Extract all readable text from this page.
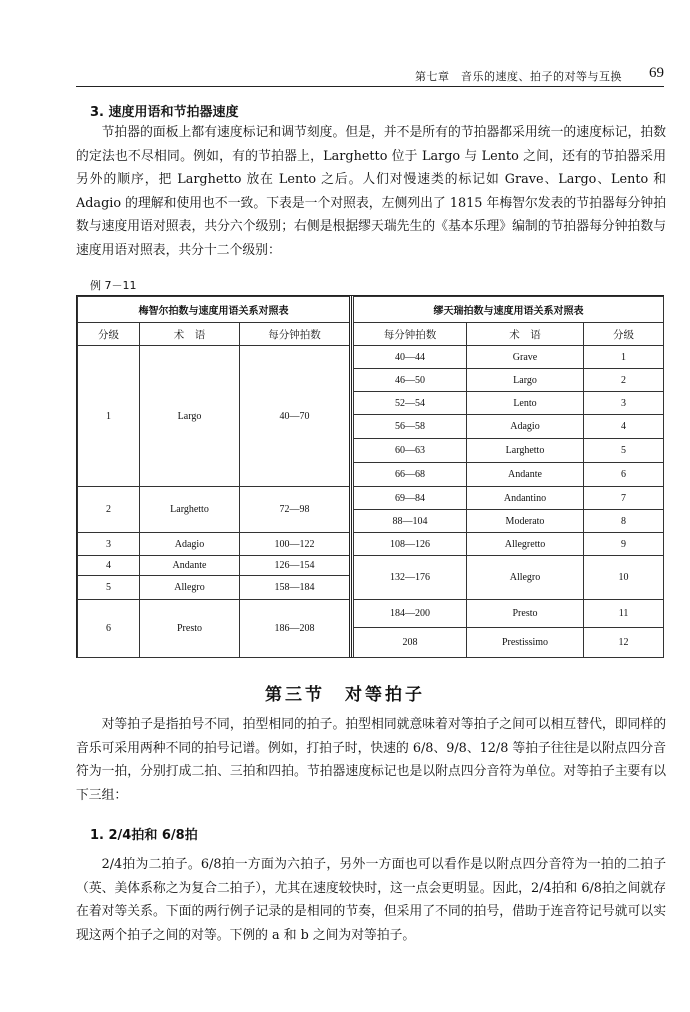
第七章　音乐的速度、拍子的对等与互换 69
3. 速度用语和节拍器速度

节拍器的面板上都有速度标记和调节刻度。但是，并不是所有的节拍器都采用统一的速度标记，拍数的定法也不尽相同。例如，有的节拍器上，Larghetto 位于 Largo 与 Lento 之间，还有的节拍器采用另外的顺序，把 Larghetto 放在 Lento 之后。人们对慢速类的标记如 Grave、Largo、Lento 和 Adagio 的理解和使用也不一致。下表是一个对照表，左侧列出了 1815 年梅智尔发表的节拍器每分钟拍数与速度用语对照表，共分六个级别；右侧是根据缪天瑞先生的《基本乐理》编制的节拍器每分钟拍数与速度用语对照表，共分十二个级别：

例 7－11
梅智尔拍数与速度用语关系对照表		
分级	术　语	每分钟拍数
1	Largo	40—70
2	Larghetto	72—98
3	Adagio	100—122
4	Andante	126—154
5	Allegro	158—184
6	Presto	186—208
缪天瑞拍数与速度用语关系对照表		
每分钟拍数	术　语	分级
40—44	Grave	1
46—50	Largo	2
52—54	Lento	3
56—58	Adagio	4
60—63	Larghetto	5
66—68	Andante	6
69—84	Andantino	7
88—104	Moderato	8
108—126	Allegretto	9
132—176	Allegro	10
184—200	Presto	11
208	Prestissimo	12
第三节　对等拍子

对等拍子是指拍号不同，拍型相同的拍子。拍型相同就意味着对等拍子之间可以相互替代，即同样的音乐可采用两种不同的拍号记谱。例如，打拍子时，快速的 6/8、9/8、12/8 等拍子往往是以附点四分音符为一拍，分别打成二拍、三拍和四拍。节拍器速度标记也是以附点四分音符为单位。对等拍子主要有以下三组：

1. 2/4拍和 6/8拍

2/4拍为二拍子。6/8拍一方面为六拍子，另外一方面也可以看作是以附点四分音符为一拍的二拍子（英、美体系称之为复合二拍子），尤其在速度较快时，这一点会更明显。因此，2/4拍和 6/8拍之间就存在着对等关系。下面的两行例子记录的是相同的节奏，但采用了不同的拍号，借助于连音符记号就可以实现这两个拍子之间的对等。下例的 a 和 b 之间为对等拍子。
